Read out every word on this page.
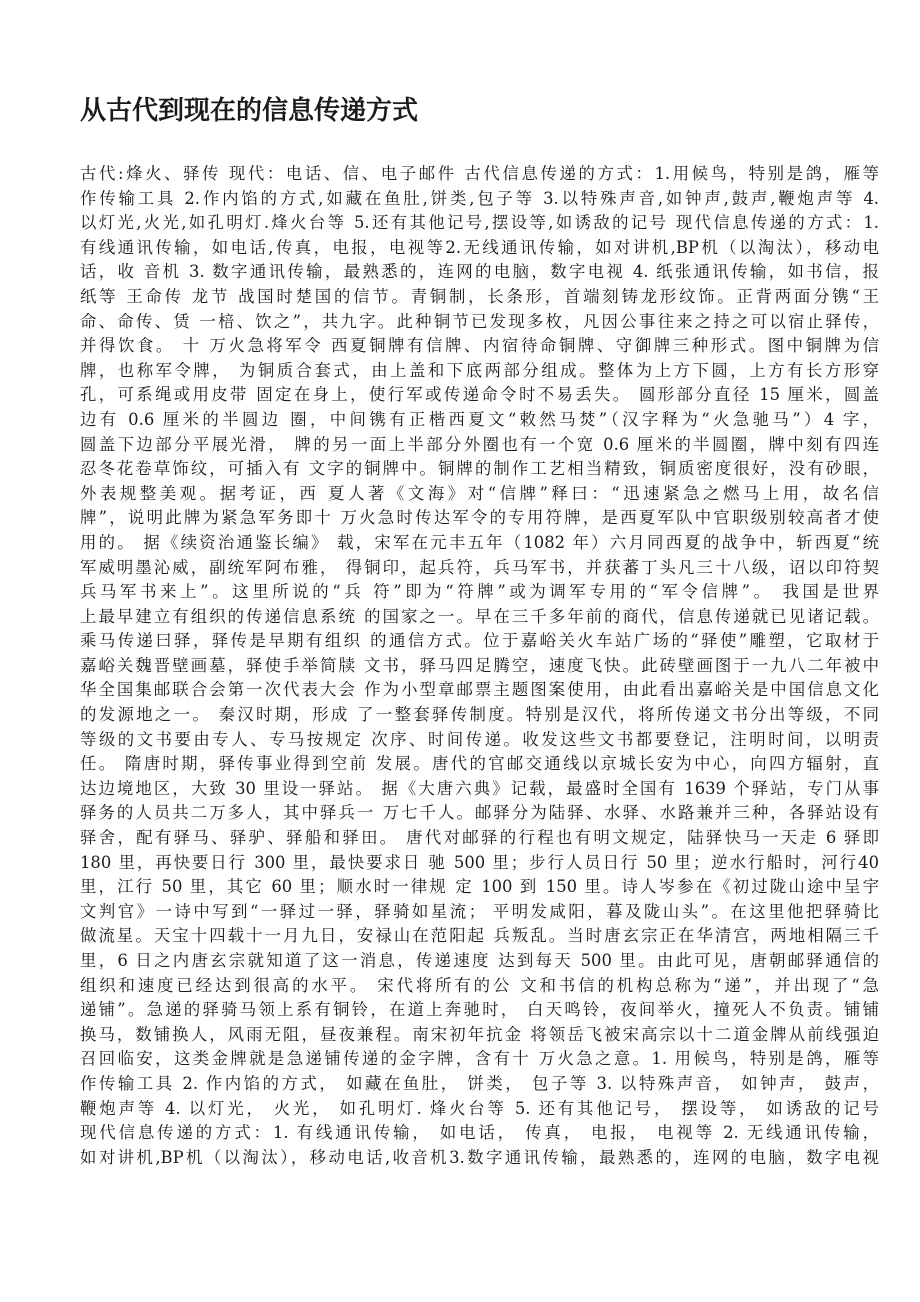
从古代到现在的信息传递方式
古代:烽火、驿传 现代：电话、信、电子邮件 古代信息传递的方式：1.用候鸟，特别是鸽，雁等
作传输工具 2.作内馅的方式,如藏在鱼肚,饼类,包子等 3.以特殊声音,如钟声,鼓声,鞭炮声等 4.
以灯光,火光,如孔明灯.烽火台等 5.还有其他记号,摆设等,如诱敌的记号 现代信息传递的方式：1.
有线通讯传输，如电话,传真，电报，电视等2.无线通讯传输，如对讲机,BP机（以淘汰），移动电
话，收 音机 3. 数字通讯传输，最熟悉的，连网的电脑，数字电视 4. 纸张通讯传输，如书信，报
纸等 王命传 龙节 战国时楚国的信节。青铜制，长条形，首端刻铸龙形纹饰。正背两面分镌“王
命、命传、赁 一棓、饮之”，共九字。此种铜节已发现多枚，凡因公事往来之持之可以宿止驿传，
并得饮食。 十 万火急将军令 西夏铜牌有信牌、内宿待命铜牌、守御牌三种形式。图中铜牌为信
牌，也称军令牌， 为铜质合套式，由上盖和下底两部分组成。整体为上方下圆，上方有长方形穿
孔，可系绳或用皮带 固定在身上，使行军或传递命令时不易丢失。 圆形部分直径 15 厘米，圆盖
边有 0.6 厘米的半圆边 圈，中间镌有正楷西夏文“敕然马焚”（汉字释为“火急驰马”）4 字，
圆盖下边部分平展光滑， 牌的另一面上半部分外圈也有一个宽 0.6 厘米的半圆圈，牌中刻有四连
忍冬花卷草饰纹，可插入有 文字的铜牌中。铜牌的制作工艺相当精致，铜质密度很好，没有砂眼，
外表规整美观。据考证，西 夏人著《文海》对“信牌”释曰：“迅速紧急之燃马上用，故名信
牌”，说明此牌为紧急军务即十 万火急时传达军令的专用符牌，是西夏军队中官职级别较高者才使
用的。 据《续资治通鉴长编》 载，宋军在元丰五年（1082 年）六月同西夏的战争中，斩西夏“统
军威明墨沁威，副统军阿布雅， 得铜印，起兵符，兵马军书，并获蕃丁头凡三十八级，诏以印符契
兵马军书来上”。这里所说的“兵 符”即为“符牌”或为调军专用的“军令信牌”。 我国是世界
上最早建立有组织的传递信息系统 的国家之一。早在三千多年前的商代，信息传递就已见诸记载。
乘马传递曰驿，驿传是早期有组织 的通信方式。位于嘉峪关火车站广场的“驿使”雕塑，它取材于
嘉峪关魏晋壁画墓，驿使手举简牍 文书，驿马四足腾空，速度飞快。此砖壁画图于一九八二年被中
华全国集邮联合会第一次代表大会 作为小型章邮票主题图案使用，由此看出嘉峪关是中国信息文化
的发源地之一。 秦汉时期，形成 了一整套驿传制度。特别是汉代，将所传递文书分出等级，不同
等级的文书要由专人、专马按规定 次序、时间传递。收发这些文书都要登记，注明时间，以明责
任。 隋唐时期，驿传事业得到空前 发展。唐代的官邮交通线以京城长安为中心，向四方辐射，直
达边境地区，大致 30 里设一驿站。 据《大唐六典》记载，最盛时全国有 1639 个驿站，专门从事
驿务的人员共二万多人，其中驿兵一 万七千人。邮驿分为陆驿、水驿、水路兼并三种，各驿站设有
驿舍，配有驿马、驿驴、驿船和驿田。 唐代对邮驿的行程也有明文规定，陆驿快马一天走 6 驿即
180 里，再快要日行 300 里，最快要求日 驰 500 里；步行人员日行 50 里；逆水行船时，河行40
里，江行 50 里，其它 60 里；顺水时一律规 定 100 到 150 里。诗人岑参在《初过陇山途中呈宇
文判官》一诗中写到“一驿过一驿，驿骑如星流； 平明发咸阳，暮及陇山头”。在这里他把驿骑比
做流星。天宝十四载十一月九日，安禄山在范阳起 兵叛乱。当时唐玄宗正在华清宫，两地相隔三千
里，6 日之内唐玄宗就知道了这一消息，传递速度 达到每天 500 里。由此可见，唐朝邮驿通信的
组织和速度已经达到很高的水平。 宋代将所有的公 文和书信的机构总称为“递”，并出现了“急
递铺”。急递的驿骑马领上系有铜铃，在道上奔驰时， 白天鸣铃，夜间举火，撞死人不负责。铺铺
换马，数铺换人，风雨无阻，昼夜兼程。南宋初年抗金 将领岳飞被宋高宗以十二道金牌从前线强迫
召回临安，这类金牌就是急递铺传递的金字牌，含有十 万火急之意。1. 用候鸟，特别是鸽，雁等
作传输工具 2. 作内馅的方式， 如藏在鱼肚， 饼类， 包子等 3. 以特殊声音， 如钟声， 鼓声，
鞭炮声等 4. 以灯光， 火光， 如孔明灯. 烽火台等 5. 还有其他记号， 摆设等， 如诱敌的记号
现代信息传递的方式：1. 有线通讯传输， 如电话， 传真， 电报， 电视等 2. 无线通讯传输，
如对讲机,BP机（以淘汰），移动电话,收音机3.数字通讯传输，最熟悉的，连网的电脑，数字电视
